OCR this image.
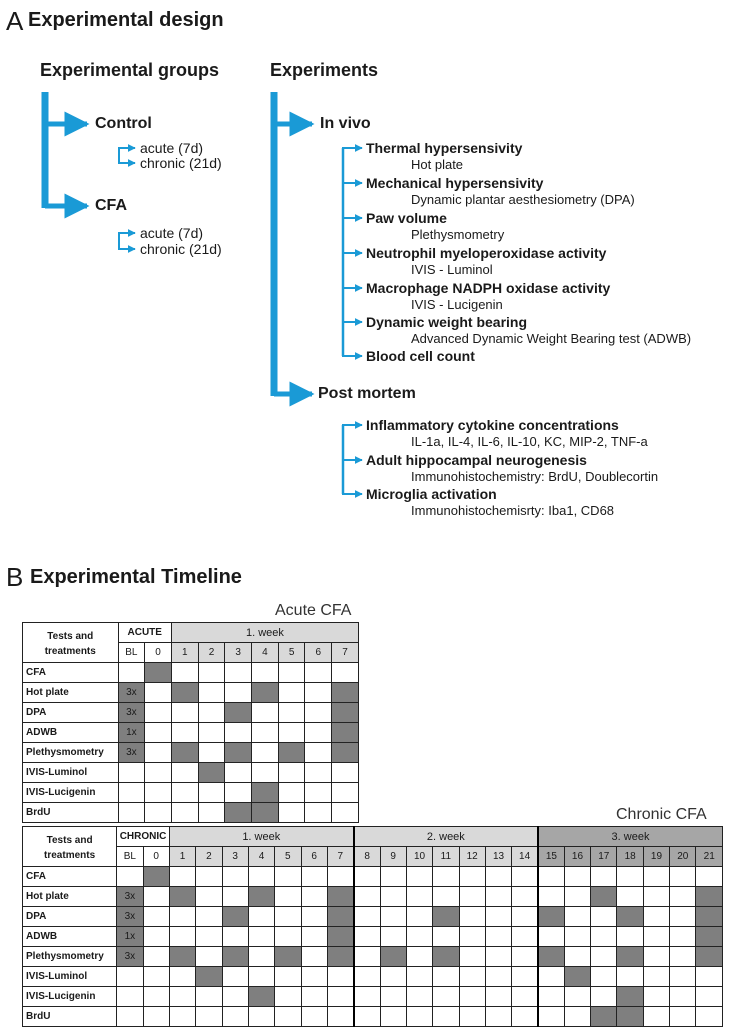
A Experimental design
Experimental groups	Experiments
Control
acute (7d)
chronic (21d)
CFA
acute (7d)
chronic (21d)
In vivo
Thermal hypersensivity
Hot plate
Mechanical hypersensivity
Dynamic plantar aesthesiometry (DPA)
Paw volume
Plethysmometry
Neutrophil myeloperoxidase activity
IVIS - Luminol
Macrophage NADPH oxidase activity
IVIS - Lucigenin
Dynamic weight bearing
Advanced Dynamic Weight Bearing test (ADWB)
Blood cell count
Post mortem
Inflammatory cytokine concentrations
IL-1a, IL-4, IL-6, IL-10, KC, MIP-2, TNF-a
Adult hippocampal neurogenesis
Immunohistochemistry: BrdU, Doublecortin
Microglia activation
Immunohistochemisrty: Iba1, CD68
B Experimental Timeline
Acute CFA
Chronic CFA
Tests and
treatments	ACUTE		1. week						
	BL	0	1	2	3	4	5	6	7
CFA									
Hot plate	3x								
DPA	3x								
ADWB	1x								
Plethysmometry	3x								
IVIS-Luminol									
IVIS-Lucigenin									
BrdU									
Tests and
treatments	CHRONIC		1. week							2. week							3. week						
	BL	0	1	2	3	4	5	6	7	8	9	10	11	12	13	14	15	16	17	18	19	20	21
CFA																							
Hot plate	3x																						
DPA	3x																						
ADWB	1x																						
Plethysmometry	3x																						
IVIS-Luminol																							
IVIS-Lucigenin																							
BrdU																							
